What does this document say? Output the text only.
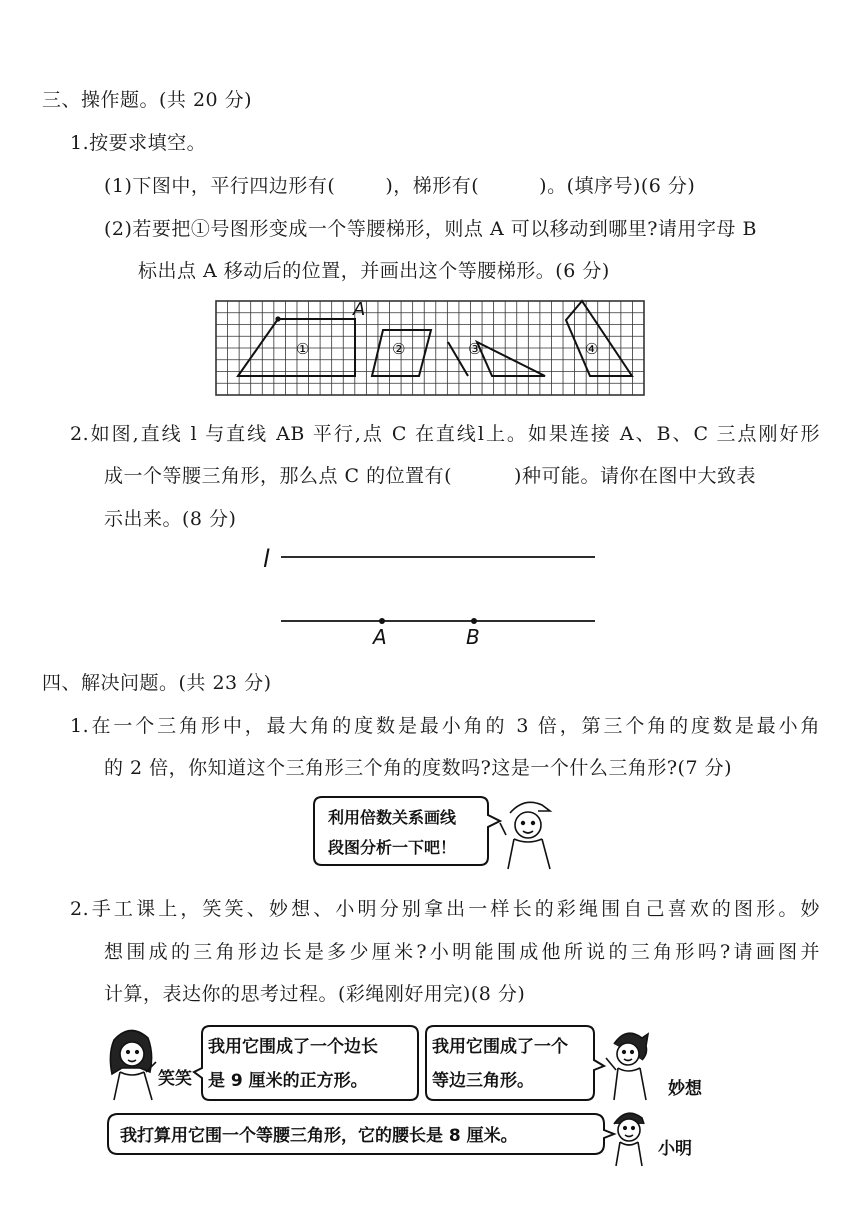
三、操作题。(共 20 分)
1.按要求填空。
(1)下图中，平行四边形有(	)，梯形有(	)。(填序号)(6 分)
(2)若要把①号图形变成一个等腰梯形，则点 A 可以移动到哪里?请用字母 B
标出点 A 移动后的位置，并画出这个等腰梯形。(6 分)
A
①	②	③	④
2.如图,直线 l 与直线 AB 平行,点 C 在直线l上。如果连接 A、B、C 三点刚好形
成一个等腰三角形，那么点 C 的位置有(	)种可能。请你在图中大致表
示出来。(8 分)
l
A	B
四、解决问题。(共 23 分)
1.在一个三角形中，最大角的度数是最小角的 3 倍，第三个角的度数是最小角
的 2 倍，你知道这个三角形三个角的度数吗?这是一个什么三角形?(7 分)
利用倍数关系画线
段图分析一下吧！
2.手工课上，笑笑、妙想、小明分别拿出一样长的彩绳围自己喜欢的图形。妙
想围成的三角形边长是多少厘米?小明能围成他所说的三角形吗?请画图并
计算，表达你的思考过程。(彩绳刚好用完)(8 分)
笑笑
我用它围成了一个边长
是 9 厘米的正方形。
我用它围成了一个
等边三角形。	妙想
我打算用它围一个等腰三角形，它的腰长是 8 厘米。
小明
